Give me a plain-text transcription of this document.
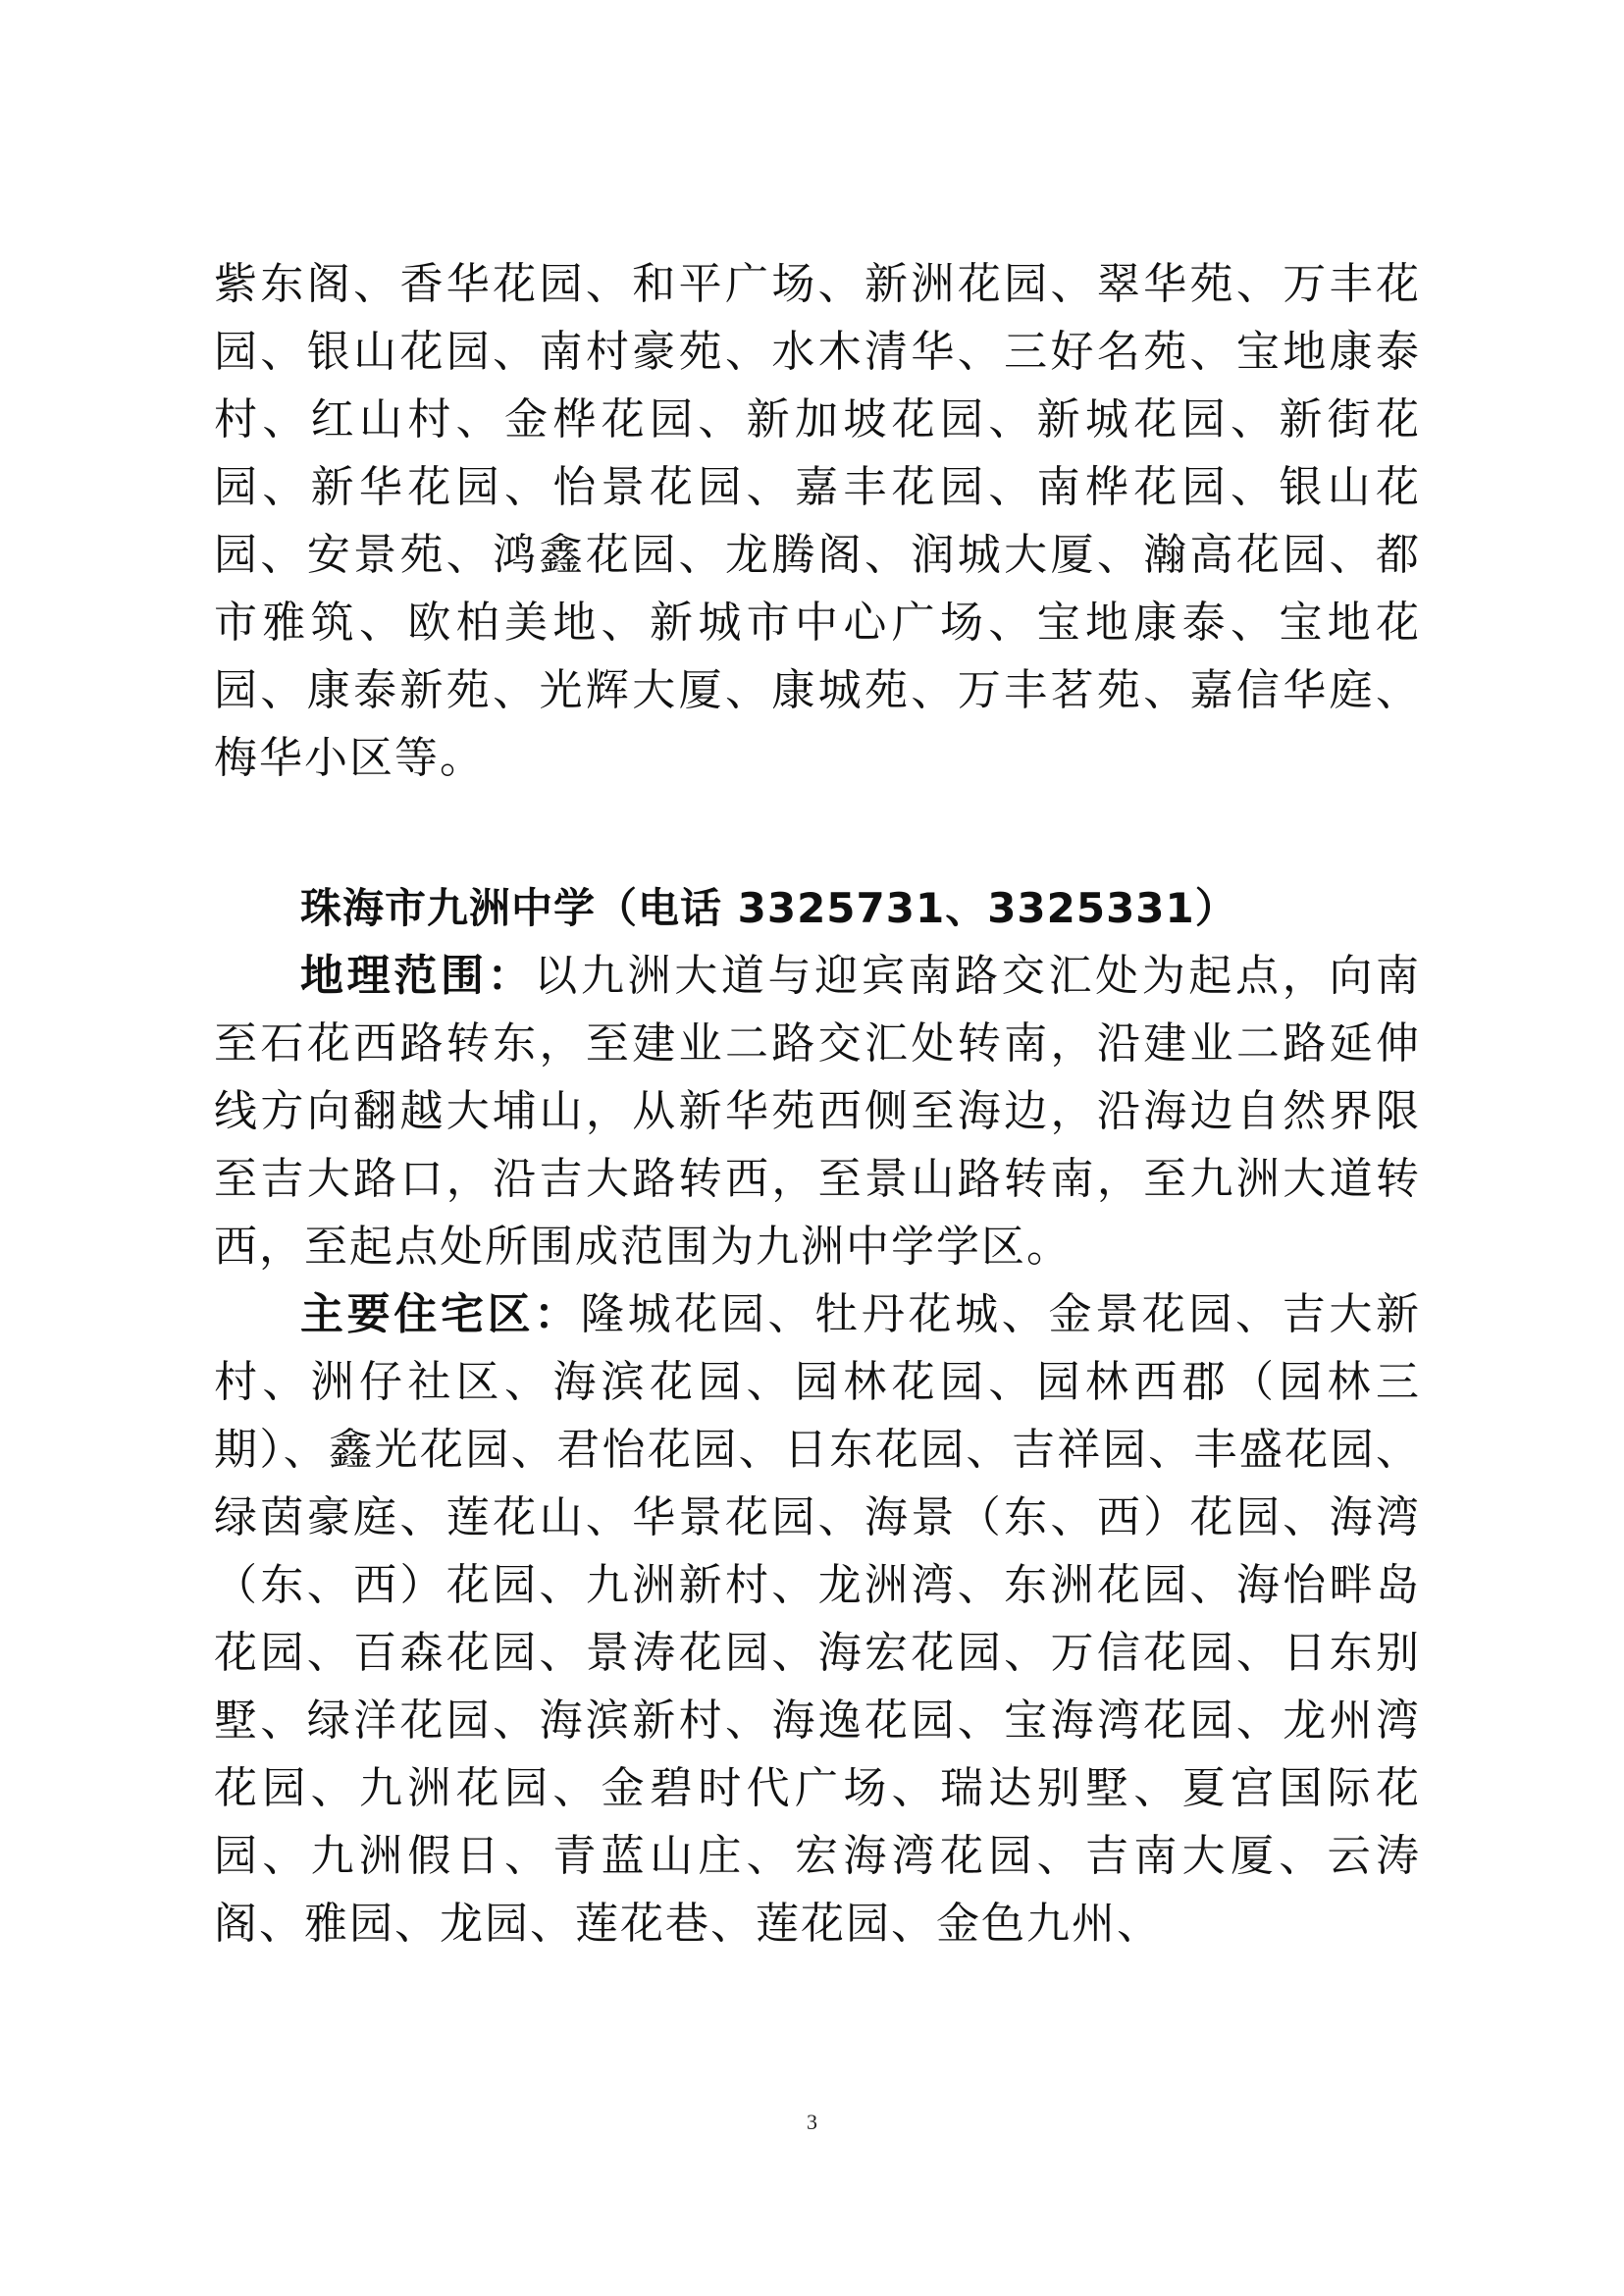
紫东阁、香华花园、和平广场、新洲花园、翠华苑、万丰花园、银山花园、南村豪苑、水木清华、三好名苑、宝地康泰村、红山村、金桦花园、新加坡花园、新城花园、新街花园、新华花园、怡景花园、嘉丰花园、南桦花园、银山花园、安景苑、鸿鑫花园、龙腾阁、润城大厦、瀚高花园、都市雅筑、欧柏美地、新城市中心广场、宝地康泰、宝地花园、康泰新苑、光辉大厦、康城苑、万丰茗苑、嘉信华庭、梅华小区等。

珠海市九洲中学（电话 3325731、3325331）

地理范围：以九洲大道与迎宾南路交汇处为起点，向南至石花西路转东，至建业二路交汇处转南，沿建业二路延伸线方向翻越大埔山，从新华苑西侧至海边，沿海边自然界限至吉大路口，沿吉大路转西，至景山路转南，至九洲大道转西，至起点处所围成范围为九洲中学学区。

主要住宅区：隆城花园、牡丹花城、金景花园、吉大新村、洲仔社区、海滨花园、园林花园、园林西郡（园林三期）、鑫光花园、君怡花园、日东花园、吉祥园、丰盛花园、绿茵豪庭、莲花山、华景花园、海景（东、西）花园、海湾（东、西）花园、九洲新村、龙洲湾、东洲花园、海怡畔岛花园、百森花园、景涛花园、海宏花园、万信花园、日东别墅、绿洋花园、海滨新村、海逸花园、宝海湾花园、龙州湾花园、九洲花园、金碧时代广场、瑞达别墅、夏宫国际花园、九洲假日、青蓝山庄、宏海湾花园、吉南大厦、云涛阁、雅园、龙园、莲花巷、莲花园、金色九州、

3
